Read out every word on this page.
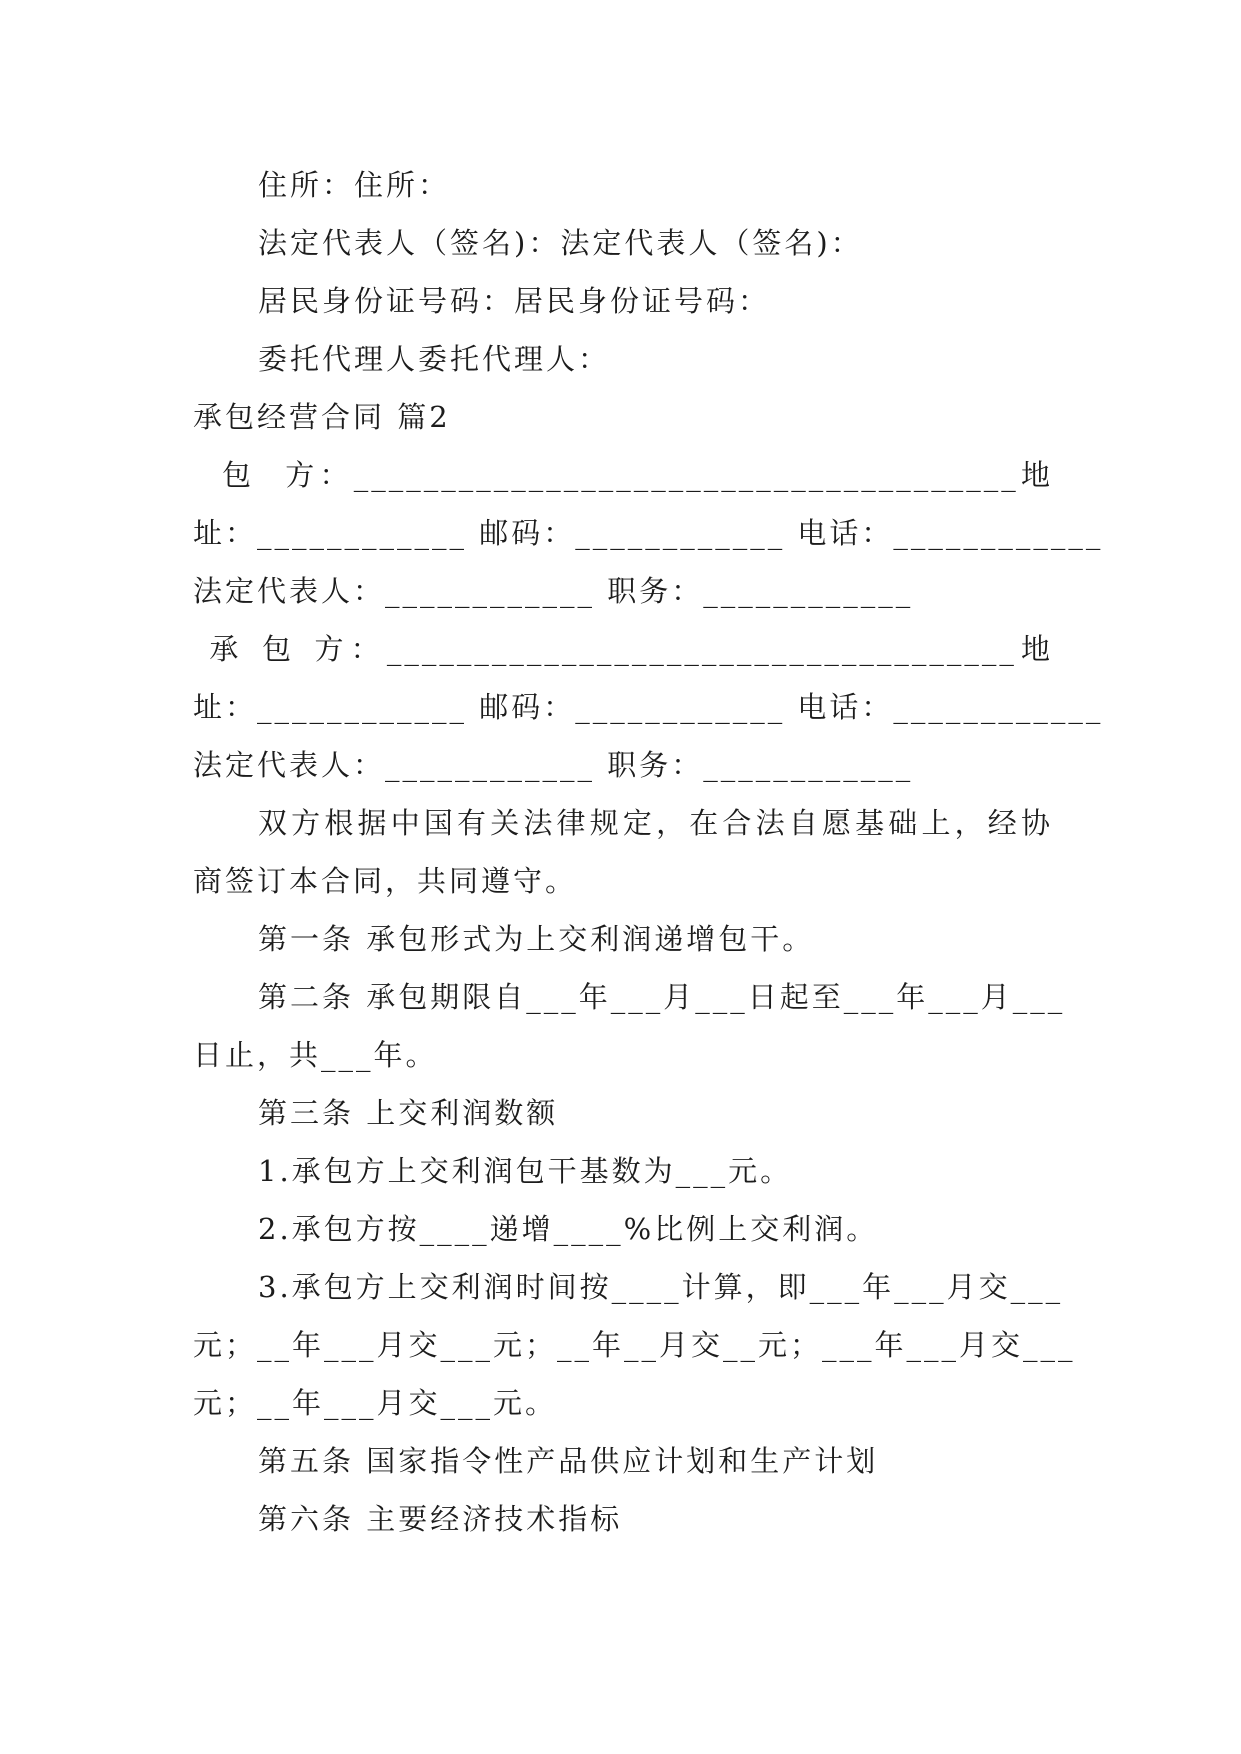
住所：住所：
法定代表人（签名)：法定代表人（签名)：
居民身份证号码：居民身份证号码：
委托代理人委托代理人：
承包经营合同 篇2
包  方：______________________________________地
址：____________ 邮码：____________ 电话：____________
法定代表人：____________ 职务：____________
承 包 方：____________________________________地
址：____________ 邮码：____________ 电话：____________
法定代表人：____________ 职务：____________
双方根据中国有关法律规定，在合法自愿基础上，经协
商签订本合同，共同遵守。
第一条 承包形式为上交利润递增包干。
第二条 承包期限自___年___月___日起至___年___月___
日止，共___年。
第三条 上交利润数额
1.承包方上交利润包干基数为___元。
2.承包方按____递增____%比例上交利润。
3.承包方上交利润时间按____计算，即___年___月交___
元；__年___月交___元；__年__月交__元；___年___月交___
元；__年___月交___元。
第五条 国家指令性产品供应计划和生产计划
第六条 主要经济技术指标
